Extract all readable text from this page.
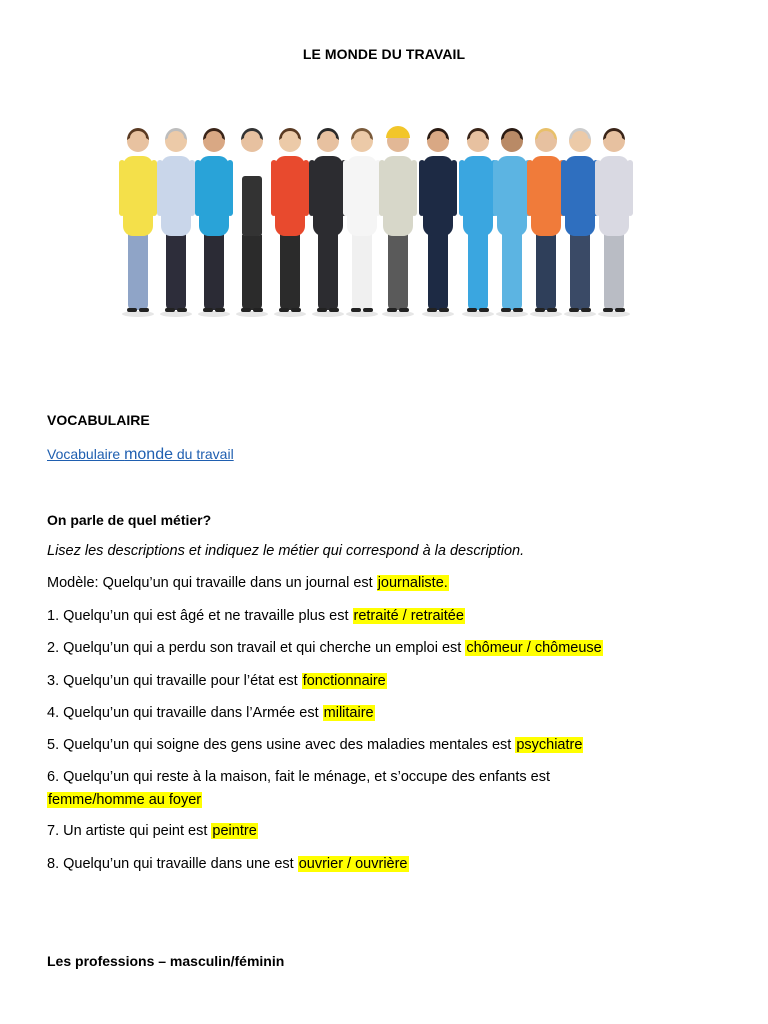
LE MONDE DU TRAVAIL
VOCABULAIRE
Vocabulaire monde du travail
On parle de quel métier?
Lisez les descriptions et indiquez le métier qui correspond à la description.
Modèle: Quelqu’un qui travaille dans un journal est journaliste.
1. Quelqu’un qui est âgé et ne travaille plus est retraité / retraitée
2. Quelqu’un qui a perdu son travail et qui cherche un emploi est chômeur / chômeuse
3. Quelqu’un qui travaille pour l’état est fonctionnaire
4. Quelqu’un qui travaille dans l’Armée est militaire
5. Quelqu’un qui soigne des gens usine avec des maladies mentales est psychiatre
6. Quelqu’un qui reste à la maison, fait le ménage, et s’occupe des enfants est
femme/homme au foyer
7. Un artiste qui peint est peintre
8. Quelqu’un qui travaille dans une est ouvrier / ouvrière
Les professions – masculin/féminin
